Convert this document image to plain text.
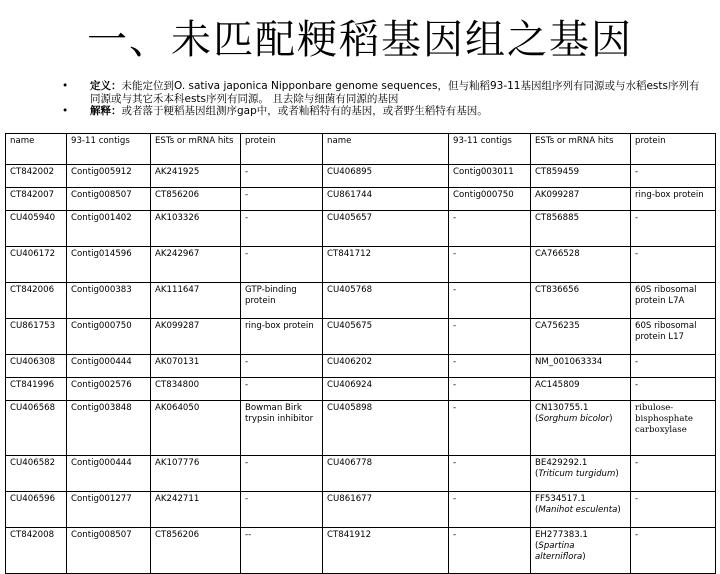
一、未匹配粳稻基因组之基因
• 定义：未能定位到O. sativa japonica Nipponbare genome sequences，但与籼稻93-11基因组序列有同源或与水稻ests序列有同源或与其它禾本科ests序列有同源。 且去除与细菌有同源的基因
• 解释：或者落于粳稻基因组测序gap中，或者籼稻特有的基因，或者野生稻特有基因。
name	93-11 contigs	ESTs or mRNA hits	protein	name	93-11 contigs	ESTs or mRNA hits	protein
CT842002	Contig005912	AK241925	-	CU406895	Contig003011	CT859459	-
CT842007	Contig008507	CT856206	-	CU861744	Contig000750	AK099287	ring-box protein
CU405940	Contig001402	AK103326	-	CU405657	-	CT856885	-
CU406172	Contig014596	AK242967	-	CT841712	-	CA766528	-
CT842006	Contig000383	AK111647	GTP-binding protein	CU405768	-	CT836656	60S ribosomal protein L7A
CU861753	Contig000750	AK099287	ring-box protein	CU405675	-	CA756235	60S ribosomal protein L17
CU406308	Contig000444	AK070131	-	CU406202	-	NM_001063334	-
CT841996	Contig002576	CT834800	-	CU406924	-	AC145809	-
CU406568	Contig003848	AK064050	Bowman Birk trypsin inhibitor	CU405898	-	CN130755.1 (Sorghum bicolor)	ribulose-bisphosphate carboxylase
CU406582	Contig000444	AK107776	-	CU406778	-	BE429292.1 (Triticum turgidum)	-
CU406596	Contig001277	AK242711	-	CU861677	-	FF534517.1 (Manihot esculenta)	-
CT842008	Contig008507	CT856206	--	CT841912	-	EH277383.1 (Spartina alterniflora)	-
